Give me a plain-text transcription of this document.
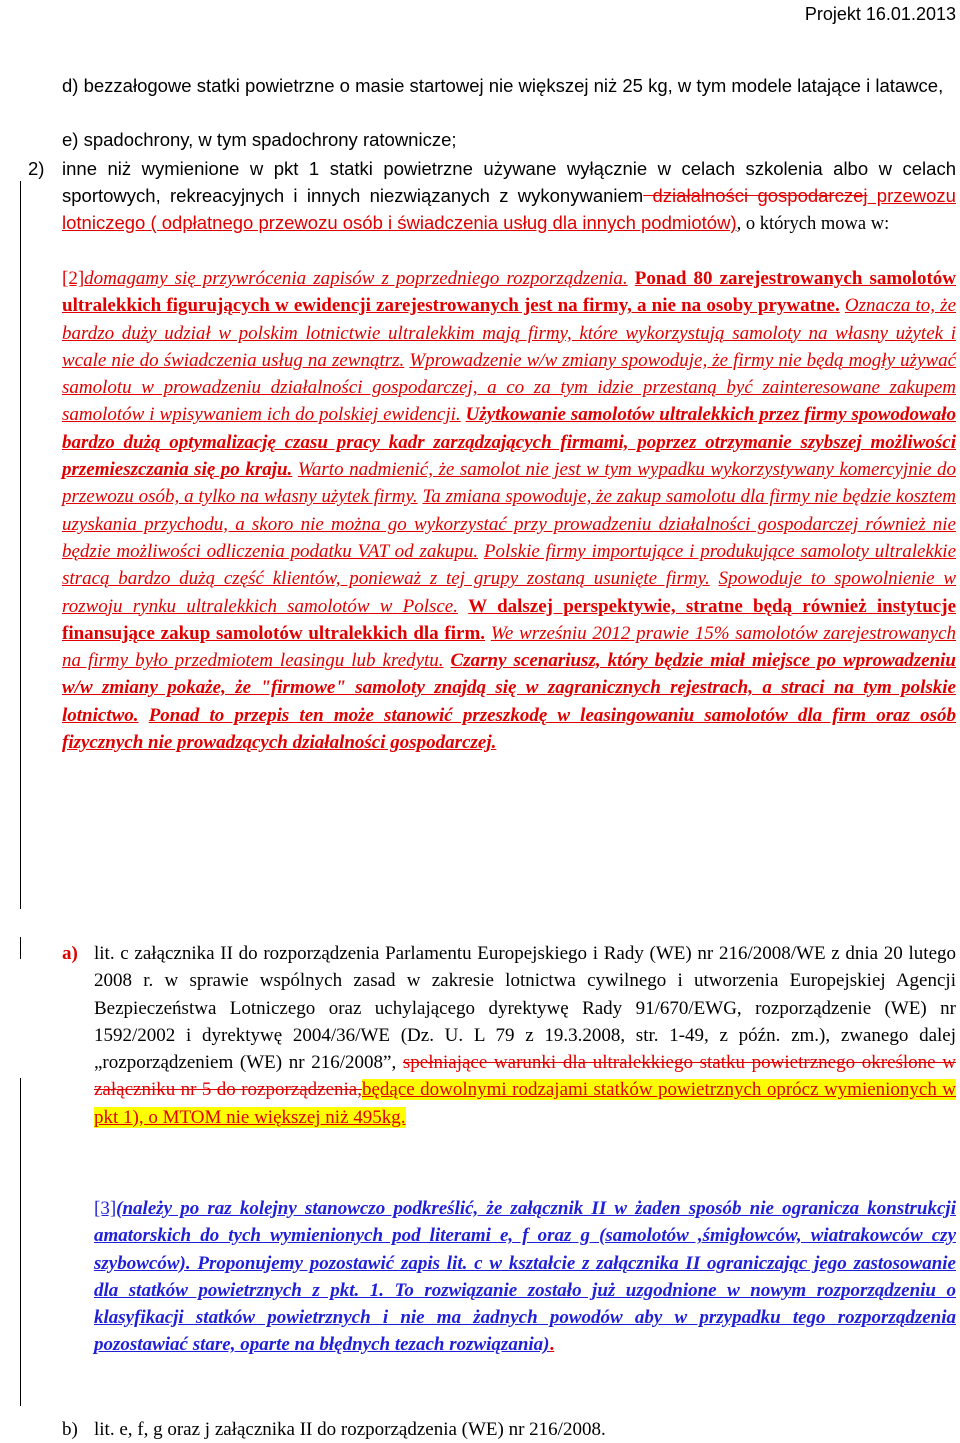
Projekt 16.01.2013
d) bezzałogowe statki powietrzne o masie startowej nie większej niż 25 kg, w tym modele latające i latawce,
e) spadochrony, w tym spadochrony ratownicze;
2) inne niż wymienione w pkt 1 statki powietrzne używane wyłącznie w celach szkolenia albo w celach sportowych, rekreacyjnych i innych niezwiązanych z wykonywaniem działalności gospodarczej przewozu lotniczego ( odpłatnego przewozu osób i świadczenia usług dla innych podmiotów), o których mowa w:
[2]domagamy się przywrócenia zapisów z poprzedniego rozporządzenia. Ponad 80 zarejestrowanych samolotów ultralekkich figurujących w ewidencji zarejestrowanych jest na firmy, a nie na osoby prywatne. Oznacza to, że bardzo duży udział w polskim lotnictwie ultralekkim mają firmy, które wykorzystują samoloty na własny użytek i wcale nie do świadczenia usług na zewnątrz. Wprowadzenie w/w zmiany spowoduje, że firmy nie będą mogły używać samolotu w prowadzeniu działalności gospodarczej, a co za tym idzie przestaną być zainteresowane zakupem samolotów i wpisywaniem ich do polskiej ewidencji. Użytkowanie samolotów ultralekkich przez firmy spowodowało bardzo dużą optymalizację czasu pracy kadr zarządzających firmami, poprzez otrzymanie szybszej możliwości przemieszczania się po kraju. Warto nadmienić, że samolot nie jest w tym wypadku wykorzystywany komercyjnie do przewozu osób, a tylko na własny użytek firmy. Ta zmiana spowoduje, że zakup samolotu dla firmy nie będzie kosztem uzyskania przychodu, a skoro nie można go wykorzystać przy prowadzeniu działalności gospodarczej również nie będzie możliwości odliczenia podatku VAT od zakupu. Polskie firmy importujące i produkujące samoloty ultralekkie stracą bardzo dużą część klientów, ponieważ z tej grupy zostaną usunięte firmy. Spowoduje to spowolnienie w rozwoju rynku ultralekkich samolotów w Polsce. W dalszej perspektywie, stratne będą również instytucje finansujące zakup samolotów ultralekkich dla firm. We wrześniu 2012 prawie 15% samolotów zarejestrowanych na firmy było przedmiotem leasingu lub kredytu. Czarny scenariusz, który będzie miał miejsce po wprowadzeniu w/w zmiany pokaże, że "firmowe" samoloty znajdą się w zagranicznych rejestrach, a straci na tym polskie lotnictwo. Ponad to przepis ten może stanowić przeszkodę w leasingowaniu samolotów dla firm oraz osób fizycznych nie prowadzących działalności gospodarczej.
a) lit. c załącznika II do rozporządzenia Parlamentu Europejskiego i Rady (WE) nr 216/2008/WE z dnia 20 lutego 2008 r. w sprawie wspólnych zasad w zakresie lotnictwa cywilnego i utworzenia Europejskiej Agencji Bezpieczeństwa Lotniczego oraz uchylającego dyrektywę Rady 91/670/EWG, rozporządzenie (WE) nr 1592/2002 i dyrektywę 2004/36/WE (Dz. U. L 79 z 19.3.2008, str. 1-49, z późn. zm.), zwanego dalej „rozporządzeniem (WE) nr 216/2008”, spełniające warunki dla ultralekkiego statku powietrznego określone w załączniku nr 5 do rozporządzenia,będące dowolnymi rodzajami statków powietrznych oprócz wymienionych w pkt 1), o MTOM nie większej niż 495kg.
[3](należy po raz kolejny stanowczo podkreślić, że załącznik II w żaden sposób nie ogranicza konstrukcji amatorskich do tych wymienionych pod literami e, f oraz g (samolotów ,śmigłowców, wiatrakowców czy szybowców). Proponujemy pozostawić zapis lit. c w kształcie z załącznika II ograniczając jego zastosowanie dla statków powietrznych z pkt. 1. To rozwiązanie zostało już uzgodnione w nowym rozporządzeniu o klasyfikacji statków powietrznych i nie ma żadnych powodów aby w przypadku tego rozporządzenia pozostawiać stare, oparte na błędnych tezach rozwiązania).
b) lit. e, f, g oraz j załącznika II do rozporządzenia (WE) nr 216/2008.
